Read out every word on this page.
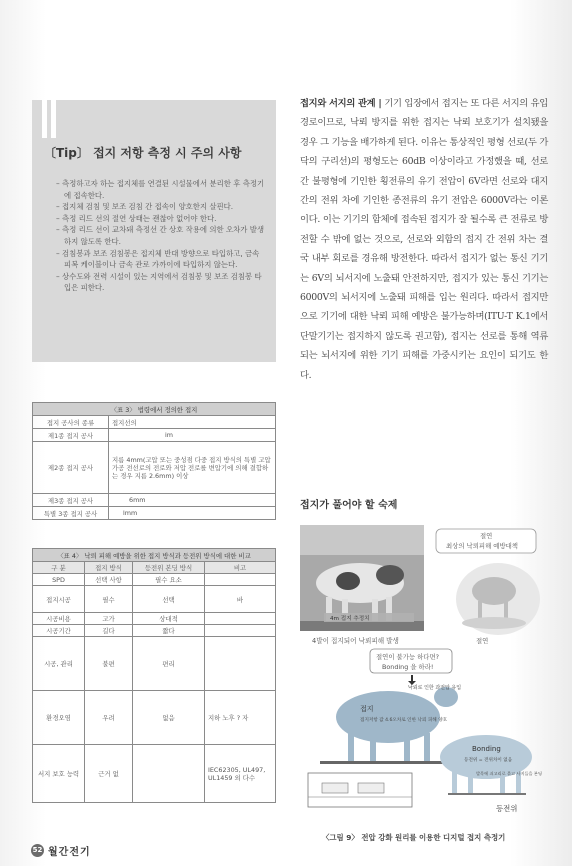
〔Tip〕 접지 저항 측정 시 주의 사항
– 측정하고자 하는 접지체를 연결된 시설물에서 분리한 후 측정기에 접속한다.
– 접지체 검침 및 보조 검침 간 접속이 양호한지 살핀다.
– 측정 리드 선의 절연 상태는 괜찮아 없어야 한다.
– 측정 리드 선이 교차돼 측정선 간 상호 작용에 의한 오차가 발생하지 않도록 한다.
– 검침봉과 보조 검침봉은 접지체 반대 방향으로 타입하고, 금속 피복 케이블이나 금속 관로 가까이에 타입하지 않는다.
– 상수도와 전력 시설이 있는 지역에서 검침봉 및 보조 검침봉 타입은 피한다.
〈표 3〉 법령에서 정의한 접지	
접지 공사의 종류	접지선의
제1종 접지 공사	im
제2종 접지 공사	지름 4mm(고압 또는 중성점 다중 접지 방식의 특별 고압 가공 전선로의 전로와 저압 전로를 변압기에 의해 결합하는 경우 지름 2.6mm) 이상
제3종 접지 공사	6mm
특별 3종 접지 공사	lmm
〈표 4〉 낙뢰 피해 예방을 위한 접지 방식과 등전위 방식에 대한 비교			
구 분	접지 방식	등전위 본딩 방식	비고
SPD	선택 사항	필수 요소	
접지시공	필수	선택	바
시공비용	고가	상대적	
시공기간	길다	짧다	
시공, 관리	불편	편리	
환경오염	우려	없음	지하 노후 ? 자
서지 보호 능력	근거 없		IEC62305, UL497, UL1459 외 다수
52 월간전기
접지와 서지의 관계 | 기기 입장에서 접지는 또 다른 서지의 유입 경로이므로, 낙뢰 방지를 위한 접지는 낙뢰 보호기가 설치됐을 경우 그 기능을 배가하게 된다. 이유는 통상적인 평형 선로(두 가닥의 구리선)의 평형도는 60dB 이상이라고 가정했을 때, 선로 간 불평형에 기인한 횡전류의 유기 전압이 6V라면 선로와 대지 간의 전위 차에 기인한 종전류의 유기 전압은 6000V라는 이론이다. 이는 기기의 함체에 접속된 접지가 잘 될수록 큰 전류로 방전할 수 밖에 없는 것으로, 선로와 외함의 접지 간 전위 차는 결국 내부 회로를 경유해 방전한다. 따라서 접지가 없는 통신 기기는 6V의 뇌서지에 노출돼 안전하지만, 접지가 있는 통신 기기는 6000V의 뇌서지에 노출돼 피해를 입는 원리다. 따라서 접지만으로 기기에 대한 낙뢰 피해 예방은 불가능하며(ITU-T K.1에서 단말기기는 접지하지 않도록 권고함), 접지는 선로를 통해 역류되는 뇌서지에 위한 기기 피해를 가중시키는 요인이 되기도 한다.
접지가 풀어야 할 숙제
4m 접지 추정치
4발이 접지되어 낙뢰피해 발생
절연
최상의 낙뢰피해 예방대책
절연
절연이 불가능 하다면?
Bonding 을 하라!
접지
접지저항 값 4.6오차로 인한 낙뢰 피해 양호
낙뢰로 인한 과전압 유입
Bonding
등전위 = 전위차이 없음
발목에 쇠고리로 묶고 사지들을 본딩
등전위
〈그림 9〉 전압 강화 원리를 이용한 디지털 접지 측정기
